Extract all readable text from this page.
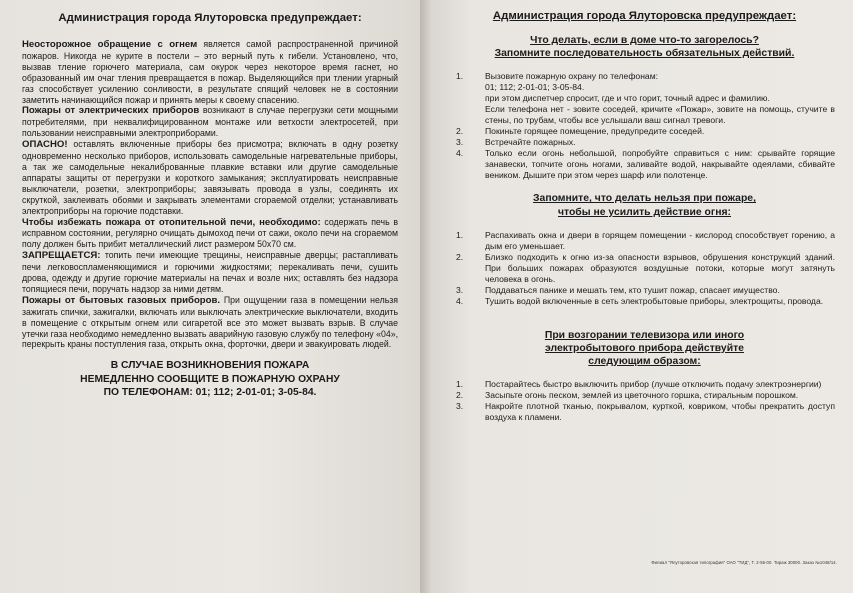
Администрация города Ялуторовска предупреждает:

Неосторожное обращение с огнем является самой распространенной причиной пожаров. Никогда не курите в постели – это верный путь к гибели. Установлено, что, вызвав тление горючего материала, сам окурок через некоторое время гаснет, но образованный им очаг тления превращается в пожар. Выделяющийся при тлении угарный газ способствует усилению сонливости, в результате спящий человек не в состоянии заметить начинающийся пожар и принять меры к своему спасению.

Пожары от электрических приборов возникают в случае перегрузки сети мощными потребителями, при неквалифицированном монтаже или ветхости электросетей, при пользовании неисправными электроприборами.

ОПАСНО! оставлять включенные приборы без присмотра; включать в одну розетку одновременно несколько приборов, использовать самодельные нагревательные приборы, а так же самодельные некалиброванные плавкие вставки или другие самодельные аппараты защиты от перегрузки и короткого замыкания; эксплуатировать неисправные выключатели, розетки, электроприборы; завязывать провода в узлы, соединять их скруткой, заклеивать обоями и закрывать элементами сгораемой отделки; устанавливать электроприборы на горючие подставки.

Чтобы избежать пожара от отопительной печи, необходимо: содержать печь в исправном состоянии, регулярно очищать дымоход печи от сажи, около печи на сгораемом полу должен быть прибит металлический лист размером 50х70 см.

ЗАПРЕЩАЕТСЯ: топить печи имеющие трещины, неисправные дверцы; растапливать печи легковоспламеняющимися и горючими жидкостями; перекаливать печи, сушить дрова, одежду и другие горючие материалы на печах и возле них; оставлять без надзора топящиеся печи, поручать надзор за ними детям.

Пожары от бытовых газовых приборов. При ощущении газа в помещении нельзя зажигать спички, зажигалки, включать или выключать электрические выключатели, входить в помещение с открытым огнем или сигаретой все это может вызвать взрыв. В случае утечки газа необходимо немедленно вызвать аварийную газовую службу по телефону «04», перекрыть краны поступления газа, открыть окна, форточки, двери и эвакуировать людей.

В СЛУЧАЕ ВОЗНИКНОВЕНИЯ ПОЖАРА
НЕМЕДЛЕННО СООБЩИТЕ В ПОЖАРНУЮ ОХРАНУ
ПО ТЕЛЕФОНАМ: 01; 112; 2-01-01; 3-05-84.
Администрация города Ялуторовска предупреждает:

Что делать, если в доме что-то загорелось?

Запомните последовательность обязательных действий.

1.	Вызовите пожарную охрану по телефонам:
01; 112; 2-01-01; 3-05-84.
при этом диспетчер спросит, где и что горит, точный адрес и фамилию.
Если телефона нет - зовите соседей, кричите «Пожар», зовите на помощь, стучите в стены, по трубам, чтобы все услышали ваш сигнал тревоги.
2.	Покиньте горящее помещение, предупредите соседей.
3.	Встречайте пожарных.
4.	Только если огонь небольшой, попробуйте справиться с ним: срывайте горящие занавески, топчите огонь ногами, заливайте водой, накрывайте одеялами, сбивайте веником. Дышите при этом через шарф или полотенце.

Запомните, что делать нельзя при пожаре,

чтобы не усилить действие огня:

1.	Распахивать окна и двери в горящем помещении - кислород способствует горению, а дым его уменьшает.
2.	Близко подходить к огню из-за опасности взрывов, обрушения конструкций зданий. При больших пожарах образуются воздушные потоки, которые могут затянуть человека в огонь.
3.	Поддаваться панике и мешать тем, кто тушит пожар, спасает имущество.
4.	Тушить водой включенные в сеть электробытовые приборы, электрощиты, провода.

При возгорании телевизора или иного

электробытового прибора действуйте

следующим образом:

1.	Постарайтесь быстро выключить прибор (лучше отключить подачу электроэнергии)
2.	Засыпьте огонь песком, землей из цветочного горшка, стиральным порошком.
3.	Накройте плотной тканью, покрывалом, курткой, ковриком, чтобы прекратить доступ воздуха к пламени.
Филиал "Ялуторовская типография" ОАО "ТИД", Т. 2-55-00. Тираж 30000. Заказ №1048/14.
